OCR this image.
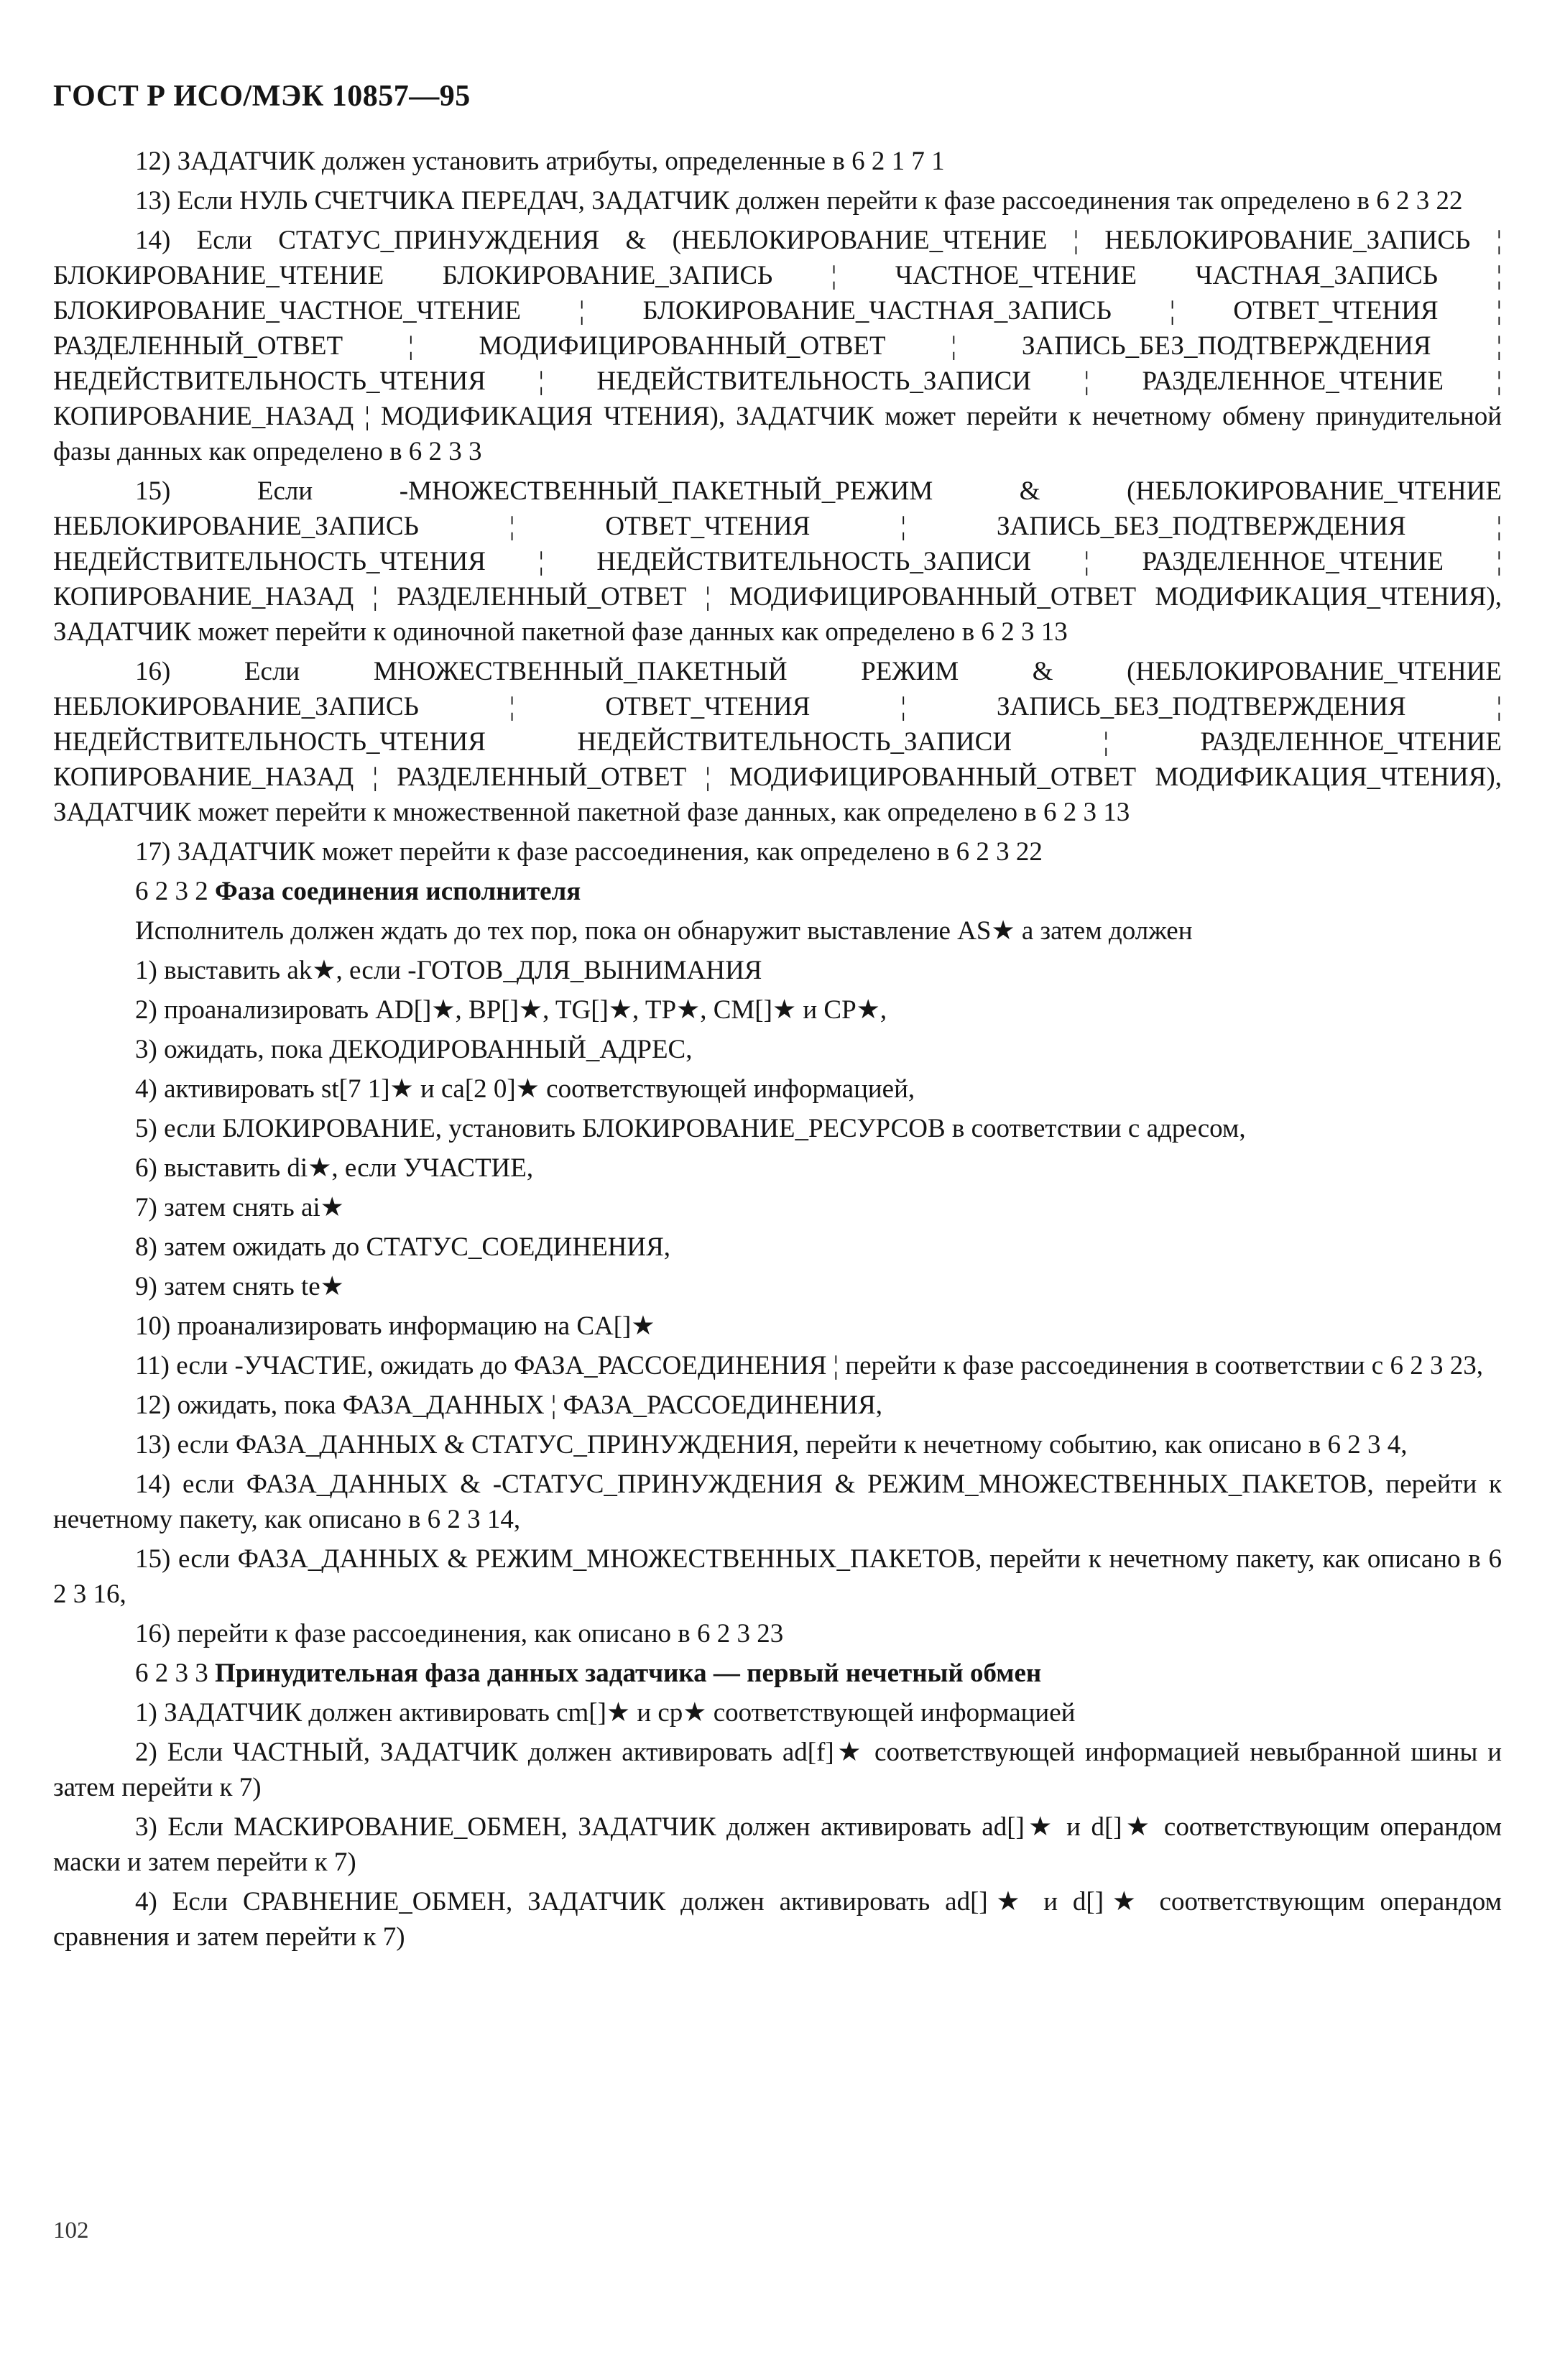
ГОСТ Р ИСО/МЭК 10857—95
12) ЗАДАТЧИК должен установить атрибуты, определенные в 6 2 1 7 1
13) Если НУЛЬ СЧЕТЧИКА ПЕРЕДАЧ, ЗАДАТЧИК должен перейти к фазе рассоединения так определено в 6 2 3 22
14) Если СТАТУС_ПРИНУЖДЕНИЯ & (НЕБЛОКИРОВАНИЕ_ЧТЕНИЕ ¦ НЕБЛОКИРОВАНИЕ_ЗАПИСЬ ¦ БЛОКИРОВАНИЕ_ЧТЕНИЕ БЛОКИРОВАНИЕ_ЗАПИСЬ ¦ ЧАСТНОЕ_ЧТЕНИЕ ЧАСТНАЯ_ЗАПИСЬ ¦ БЛОКИРОВАНИЕ_ЧАСТНОЕ_ЧТЕНИЕ ¦ БЛОКИРОВАНИЕ_ЧАСТНАЯ_ЗАПИСЬ ¦ ОТВЕТ_ЧТЕНИЯ ¦ РАЗДЕЛЕННЫЙ_ОТВЕТ ¦ МОДИФИЦИРОВАННЫЙ_ОТВЕТ ¦ ЗАПИСЬ_БЕЗ_ПОДТВЕРЖДЕНИЯ ¦ НЕДЕЙСТВИТЕЛЬНОСТЬ_ЧТЕНИЯ ¦ НЕДЕЙСТВИТЕЛЬНОСТЬ_ЗАПИСИ ¦ РАЗДЕЛЕННОЕ_ЧТЕНИЕ ¦ КОПИРОВАНИЕ_НАЗАД ¦ МОДИФИКАЦИЯ ЧТЕНИЯ), ЗАДАТЧИК может перейти к нечетному обмену принудительной фазы данных как определено в 6 2 3 3
15) Если -МНОЖЕСТВЕННЫЙ_ПАКЕТНЫЙ_РЕЖИМ & (НЕБЛОКИРОВАНИЕ_ЧТЕНИЕ НЕБЛОКИРОВАНИЕ_ЗАПИСЬ ¦ ОТВЕТ_ЧТЕНИЯ ¦ ЗАПИСЬ_БЕЗ_ПОДТВЕРЖДЕНИЯ ¦ НЕДЕЙСТВИТЕЛЬНОСТЬ_ЧТЕНИЯ ¦ НЕДЕЙСТВИТЕЛЬНОСТЬ_ЗАПИСИ ¦ РАЗДЕЛЕННОЕ_ЧТЕНИЕ ¦ КОПИРОВАНИЕ_НАЗАД ¦ РАЗДЕЛЕННЫЙ_ОТВЕТ ¦ МОДИФИЦИРОВАННЫЙ_ОТВЕТ МОДИФИКАЦИЯ_ЧТЕНИЯ), ЗАДАТЧИК может перейти к одиночной пакетной фазе данных как определено в 6 2 3 13
16) Если МНОЖЕСТВЕННЫЙ_ПАКЕТНЫЙ РЕЖИМ & (НЕБЛОКИРОВАНИЕ_ЧТЕНИЕ НЕБЛОКИРОВАНИЕ_ЗАПИСЬ ¦ ОТВЕТ_ЧТЕНИЯ ¦ ЗАПИСЬ_БЕЗ_ПОДТВЕРЖДЕНИЯ ¦ НЕДЕЙСТВИТЕЛЬНОСТЬ_ЧТЕНИЯ НЕДЕЙСТВИТЕЛЬНОСТЬ_ЗАПИСИ ¦ РАЗДЕЛЕННОЕ_ЧТЕНИЕ КОПИРОВАНИЕ_НАЗАД ¦ РАЗДЕЛЕННЫЙ_ОТВЕТ ¦ МОДИФИЦИРОВАННЫЙ_ОТВЕТ МОДИФИКАЦИЯ_ЧТЕНИЯ), ЗАДАТЧИК может перейти к множественной пакетной фазе данных, как определено в 6 2 3 13
17) ЗАДАТЧИК может перейти к фазе рассоединения, как определено в 6 2 3 22
6 2 3 2 Фаза соединения исполнителя
Исполнитель должен ждать до тех пор, пока он обнаружит выставление AS★ а затем должен
1) выставить ak★, если -ГОТОВ_ДЛЯ_ВЫНИМАНИЯ
2) проанализировать AD[]★, BP[]★, TG[]★, TP★, CM[]★ и CP★,
3) ожидать, пока ДЕКОДИРОВАННЫЙ_АДРЕС,
4) активировать st[7 1]★ и ca[2 0]★ соответствующей информацией,
5) если БЛОКИРОВАНИЕ, установить БЛОКИРОВАНИЕ_РЕСУРСОВ в соответствии с адресом,
6) выставить di★, если УЧАСТИЕ,
7) затем снять ai★
8) затем ожидать до СТАТУС_СОЕДИНЕНИЯ,
9) затем снять te★
10) проанализировать информацию на CA[]★
11) если -УЧАСТИЕ, ожидать до ФАЗА_РАССОЕДИНЕНИЯ ¦ перейти к фазе рассоединения в соответствии с 6 2 3 23,
12) ожидать, пока ФАЗА_ДАННЫХ ¦ ФАЗА_РАССОЕДИНЕНИЯ,
13) если ФАЗА_ДАННЫХ & СТАТУС_ПРИНУЖДЕНИЯ, перейти к нечетному событию, как описано в 6 2 3 4,
14) если ФАЗА_ДАННЫХ & -СТАТУС_ПРИНУЖДЕНИЯ & РЕЖИМ_МНОЖЕСТВЕННЫХ_ПАКЕТОВ, перейти к нечетному пакету, как описано в 6 2 3 14,
15) если ФАЗА_ДАННЫХ & РЕЖИМ_МНОЖЕСТВЕННЫХ_ПАКЕТОВ, перейти к нечетному пакету, как описано в 6 2 3 16,
16) перейти к фазе рассоединения, как описано в 6 2 3 23
6 2 3 3 Принудительная фаза данных задатчика — первый нечетный обмен
1) ЗАДАТЧИК должен активировать cm[]★ и cp★ соответствующей информацией
2) Если ЧАСТНЫЙ, ЗАДАТЧИК должен активировать ad[f]★ соответствующей информацией невыбранной шины и затем перейти к 7)
3) Если МАСКИРОВАНИЕ_ОБМЕН, ЗАДАТЧИК должен активировать ad[]★ и d[]★ соответствующим операндом маски и затем перейти к 7)
4) Если СРАВНЕНИЕ_ОБМЕН, ЗАДАТЧИК должен активировать ad[]★ и d[]★ соответствующим операндом сравнения и затем перейти к 7)
102
